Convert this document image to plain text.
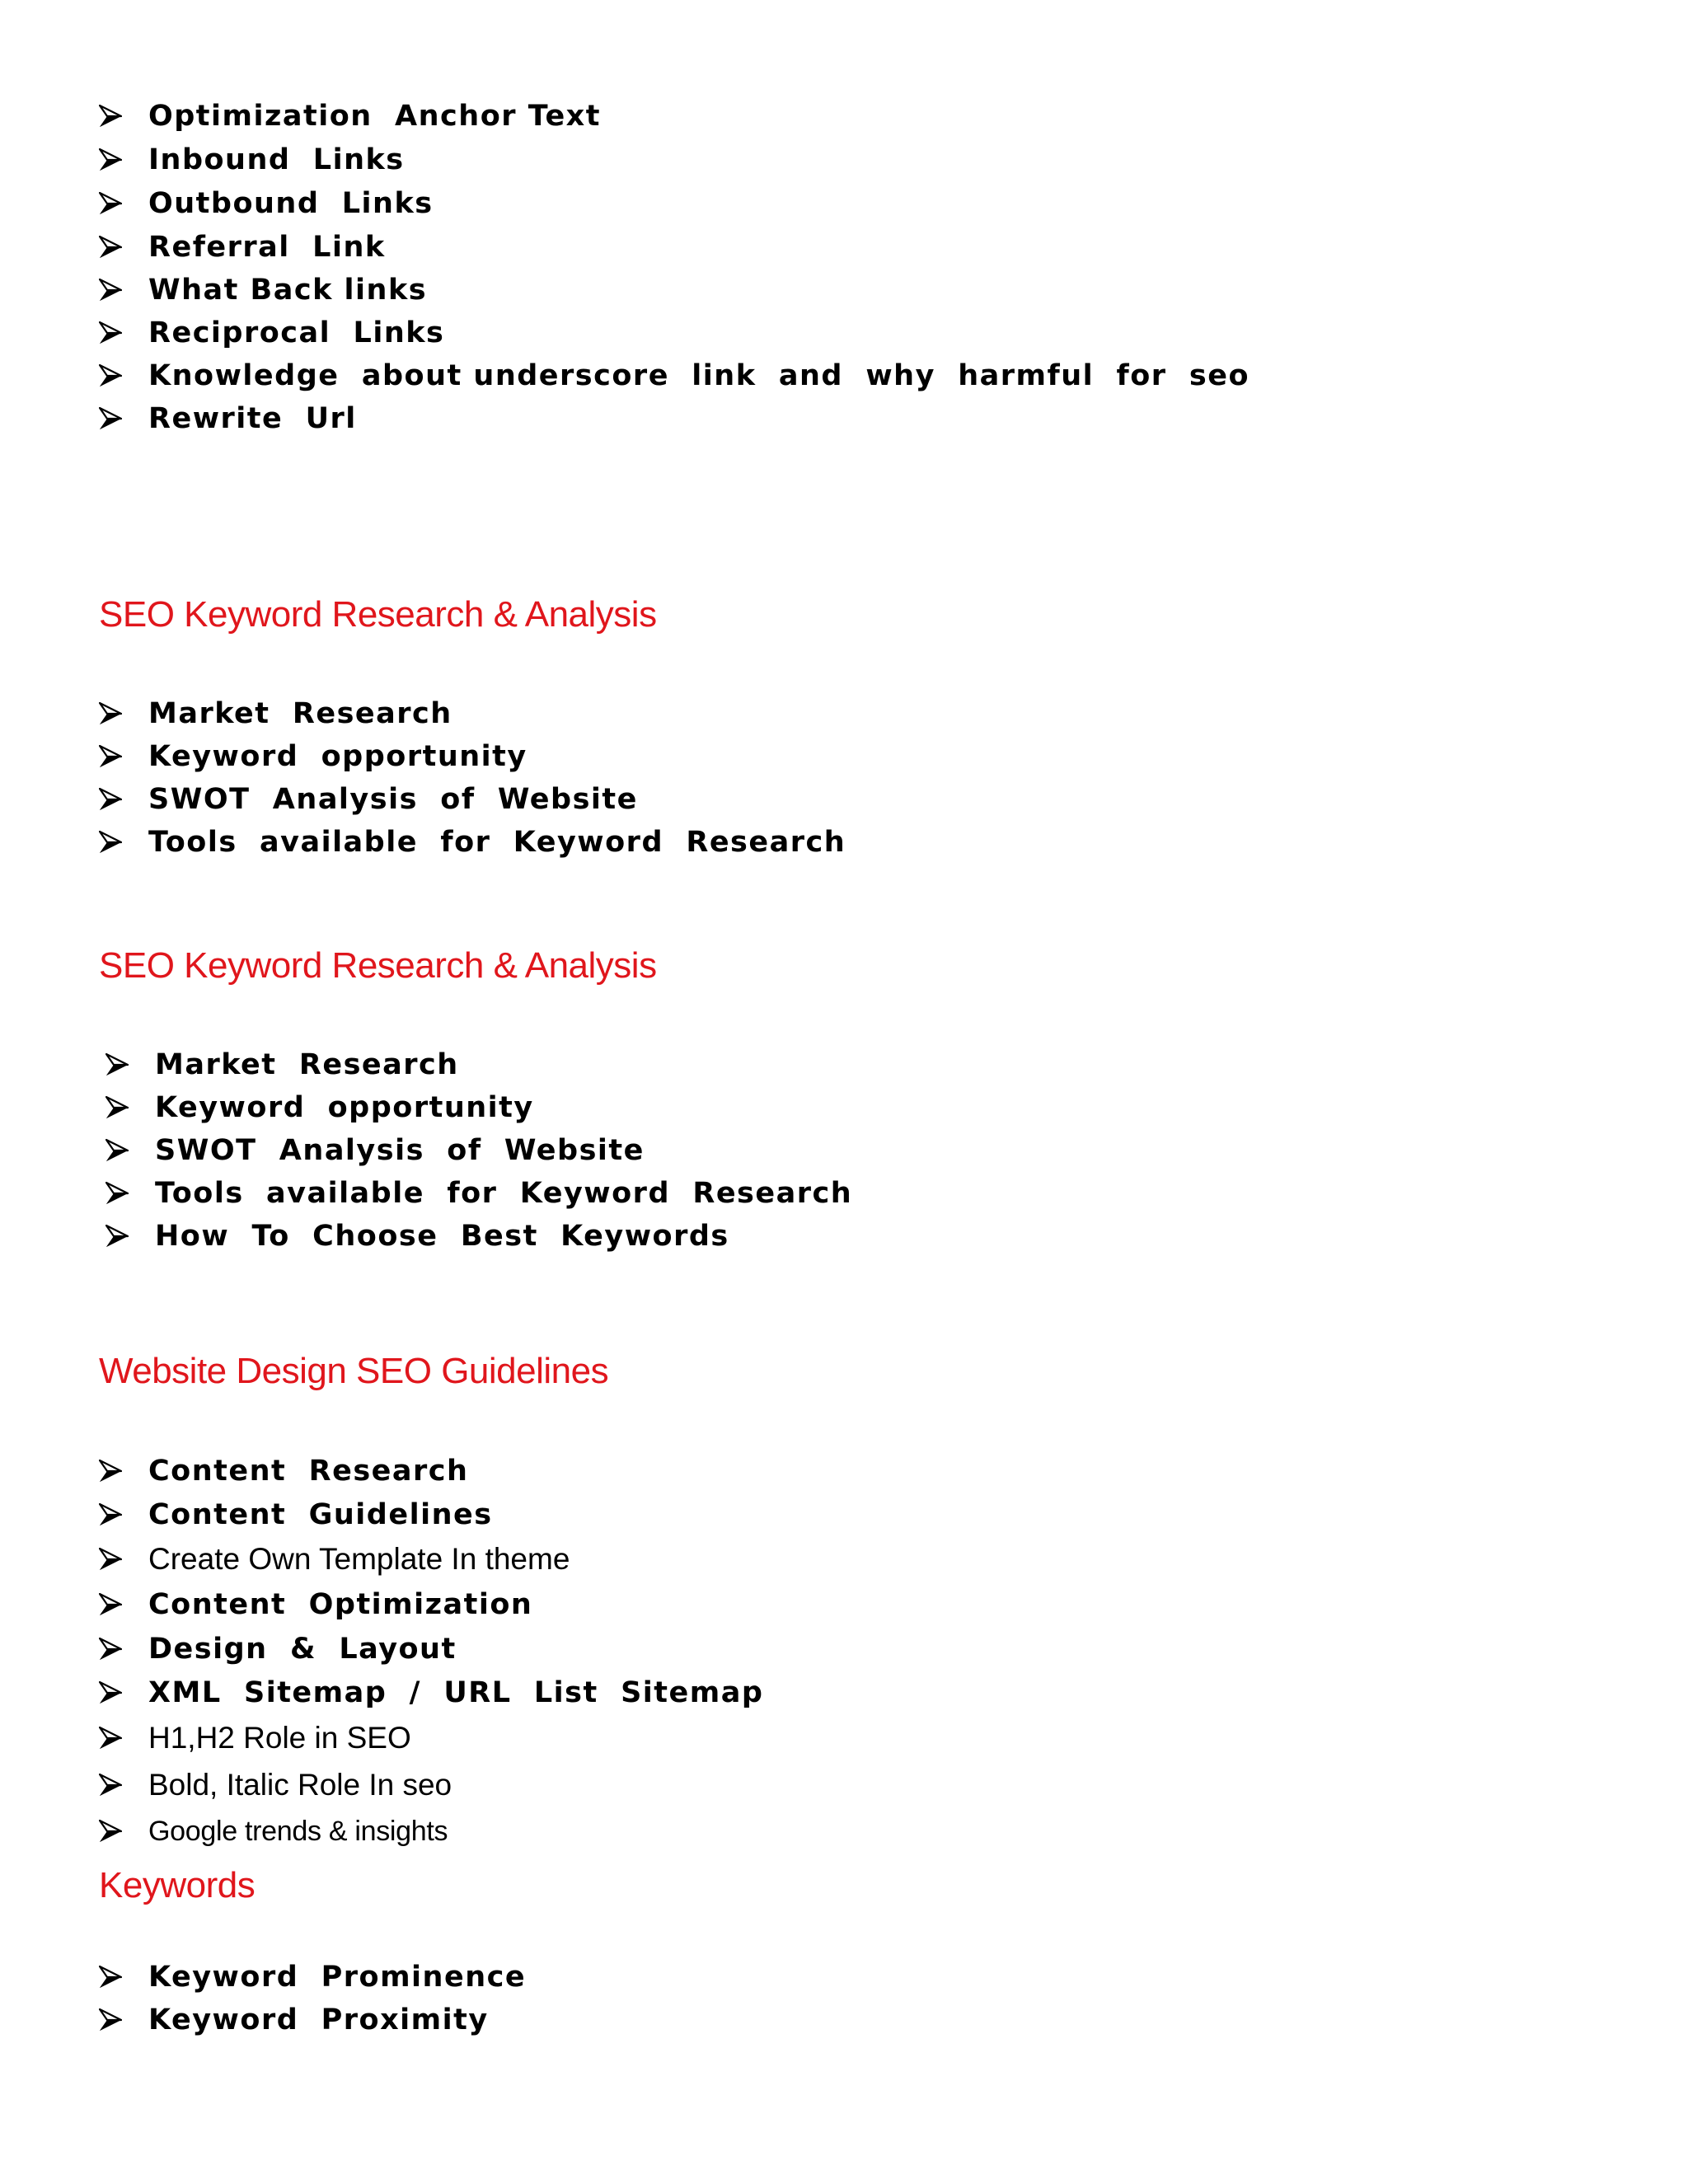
Optimization  Anchor Text
Inbound  Links
Outbound  Links
Referral  Link
What Back links
Reciprocal  Links
Knowledge  about underscore  link  and  why  harmful  for  seo
Rewrite  Url
SEO Keyword Research & Analysis
Market  Research
Keyword  opportunity
SWOT  Analysis  of  Website
Tools  available  for  Keyword  Research
SEO Keyword Research & Analysis
Market  Research
Keyword  opportunity
SWOT  Analysis  of  Website
Tools  available  for  Keyword  Research
How  To  Choose  Best  Keywords
Website Design SEO Guidelines
Content  Research
Content  Guidelines
Create Own Template In theme
Content  Optimization
Design  &  Layout
XML  Sitemap  /  URL  List  Sitemap
H1,H2 Role in SEO
Bold, Italic Role In seo
Google trends & insights
Keywords
Keyword  Prominence
Keyword  Proximity
